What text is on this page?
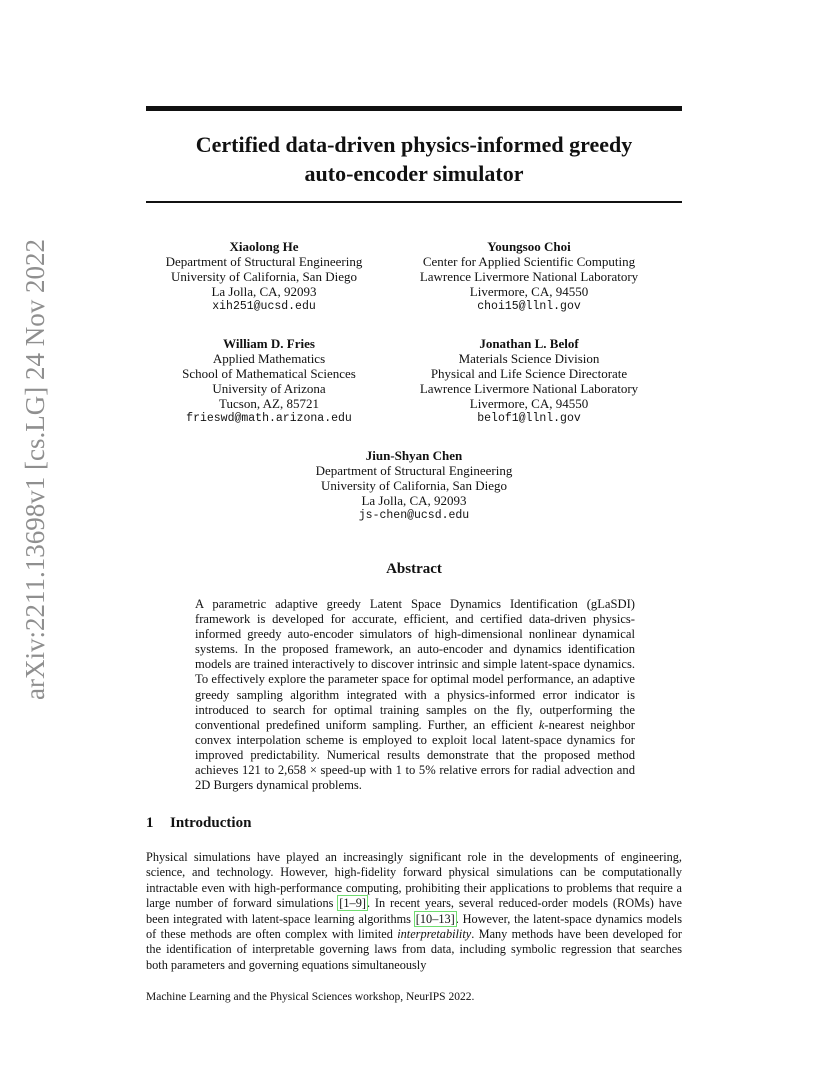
arXiv:2211.13698v1 [cs.LG] 24 Nov 2022
Certified data-driven physics-informed greedy
auto-encoder simulator
Xiaolong He
Department of Structural Engineering
University of California, San Diego
La Jolla, CA, 92093
xih251@ucsd.edu
Youngsoo Choi
Center for Applied Scientific Computing
Lawrence Livermore National Laboratory
Livermore, CA, 94550
choi15@llnl.gov
William D. Fries
Applied Mathematics
School of Mathematical Sciences
University of Arizona
Tucson, AZ, 85721
frieswd@math.arizona.edu
Jonathan L. Belof
Materials Science Division
Physical and Life Science Directorate
Lawrence Livermore National Laboratory
Livermore, CA, 94550
belof1@llnl.gov
Jiun-Shyan Chen
Department of Structural Engineering
University of California, San Diego
La Jolla, CA, 92093
js-chen@ucsd.edu
Abstract

A parametric adaptive greedy Latent Space Dynamics Identification (gLaSDI) framework is developed for accurate, efficient, and certified data-driven physics-informed greedy auto-encoder simulators of high-dimensional nonlinear dynamical systems. In the proposed framework, an auto-encoder and dynamics identification models are trained interactively to discover intrinsic and simple latent-space dynamics. To effectively explore the parameter space for optimal model performance, an adaptive greedy sampling algorithm integrated with a physics-informed error indicator is introduced to search for optimal training samples on the fly, outperforming the conventional predefined uniform sampling. Further, an efficient k-nearest neighbor convex interpolation scheme is employed to exploit local latent-space dynamics for improved predictability. Numerical results demonstrate that the proposed method achieves 121 to 2,658 × speed-up with 1 to 5% relative errors for radial advection and 2D Burgers dynamical problems.

1 Introduction

Physical simulations have played an increasingly significant role in the developments of engineering, science, and technology. However, high-fidelity forward physical simulations can be computationally intractable even with high-performance computing, prohibiting their applications to problems that require a large number of forward simulations [1–9]. In recent years, several reduced-order models (ROMs) have been integrated with latent-space learning algorithms [10–13]. However, the latent-space dynamics models of these methods are often complex with limited interpretability. Many methods have been developed for the identification of interpretable governing laws from data, including symbolic regression that searches both parameters and governing equations simultaneously

Machine Learning and the Physical Sciences workshop, NeurIPS 2022.
